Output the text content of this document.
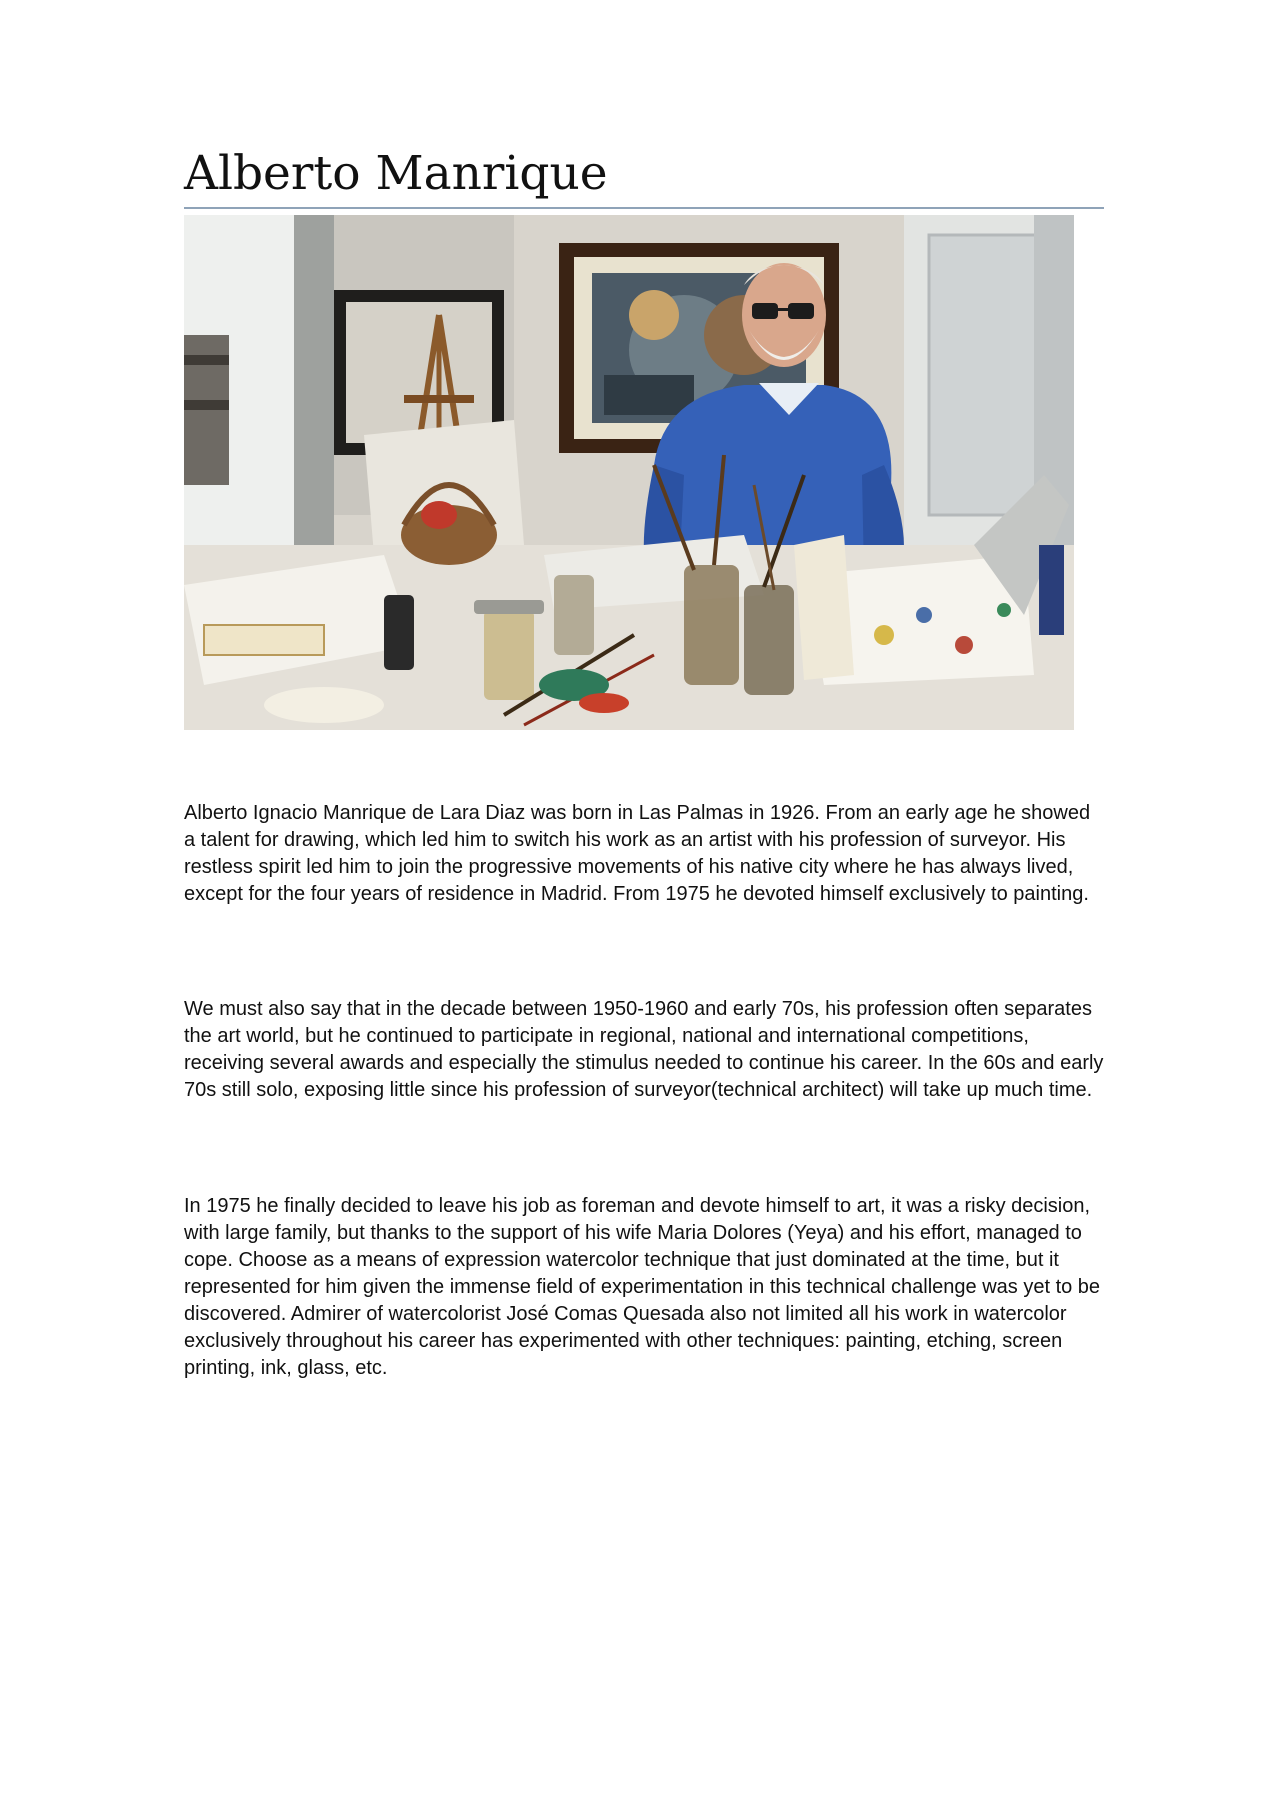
Alberto Manrique

Alberto Ignacio Manrique de Lara Diaz was born in Las Palmas in 1926. From an early age he showed a talent for drawing, which led him to switch his work as an artist with his profession of surveyor. His restless spirit led him to join the progressive movements of his native city where he has always lived, except for the four years of residence in Madrid. From 1975 he devoted himself exclusively to painting.

We must also say that in the decade between 1950-1960 and early 70s, his profession often separates the art world, but he continued to participate in regional, national and international competitions, receiving several awards and especially the stimulus needed to continue his career. In the 60s and early 70s still solo, exposing little since his profession of surveyor(technical architect) will take up much time.

In 1975 he finally decided to leave his job as foreman and devote himself to art, it was a risky decision, with large family, but thanks to the support of his wife Maria Dolores (Yeya) and his effort, managed to cope. Choose as a means of expression watercolor technique that just dominated at the time, but it represented for him given the immense field of experimentation in this technical challenge was yet to be discovered. Admirer of watercolorist José Comas Quesada also not limited all his work in watercolor exclusively throughout his career has experimented with other techniques: painting, etching, screen printing, ink, glass, etc.
